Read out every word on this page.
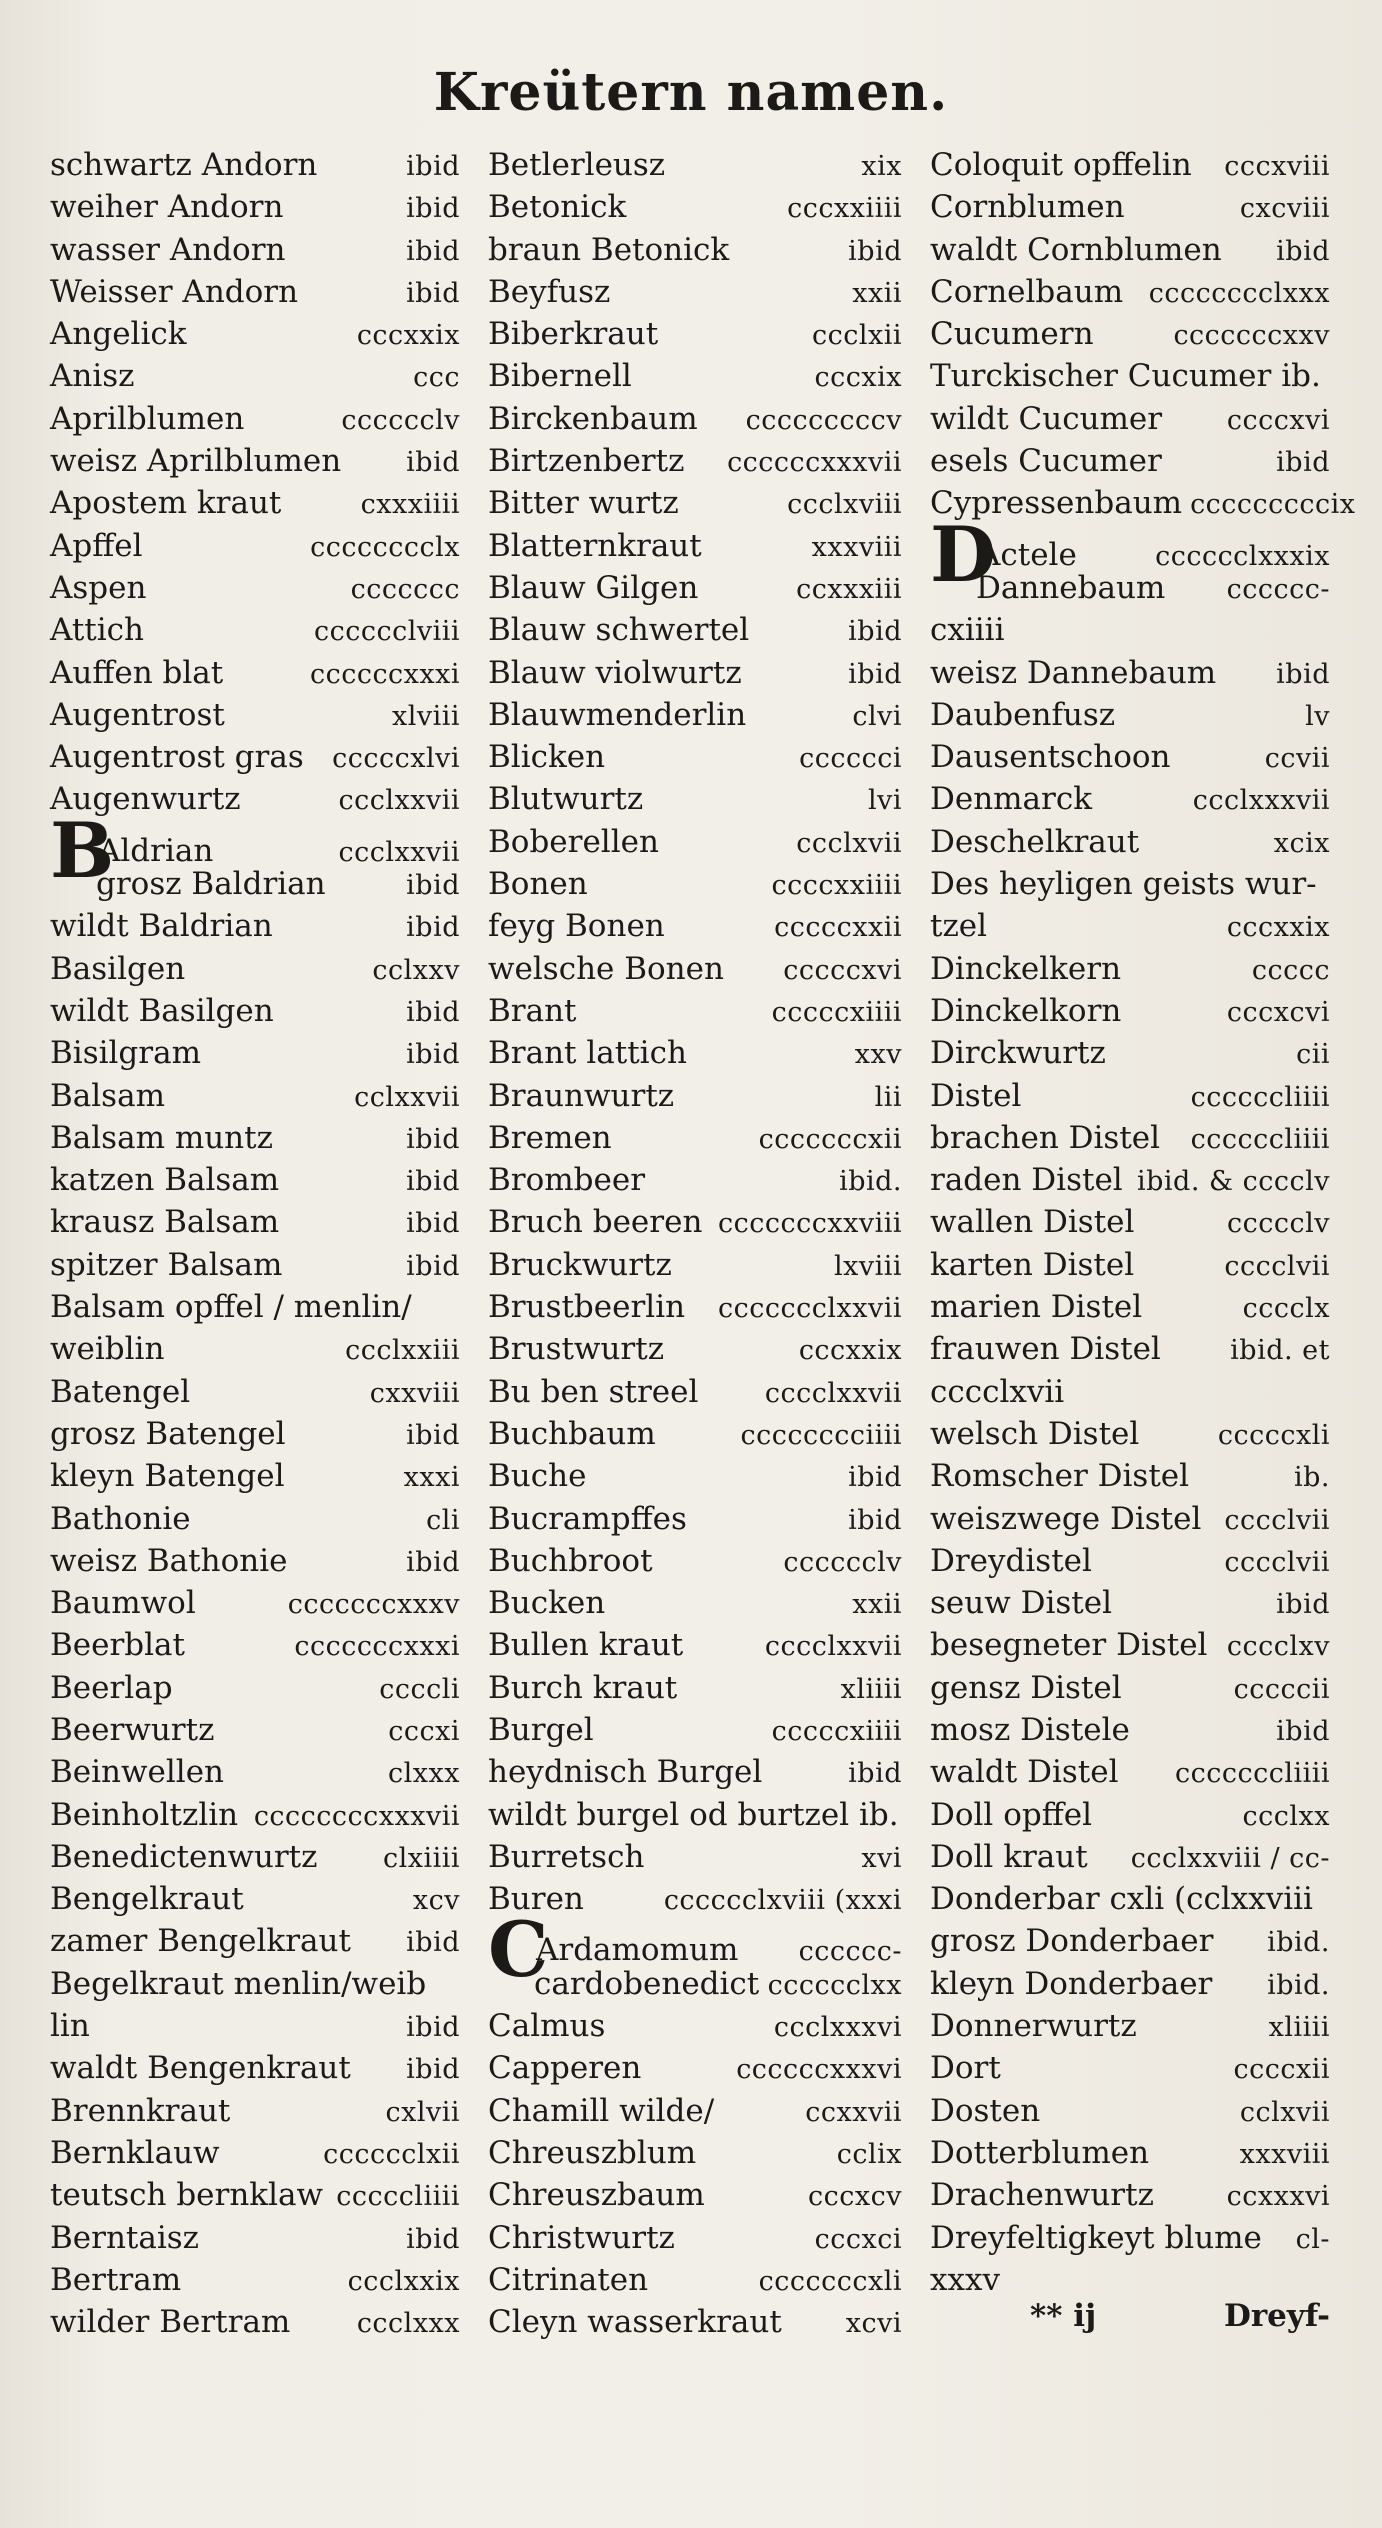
Kreütern namen.
schwartz Andorn	ibid
weiher Andorn	ibid
wasser Andorn	ibid
Weisser Andorn	ibid
Angelick	cccxxix
Anisz	ccc
Aprilblumen	cccccclv
weisz Aprilblumen ibid
Apostem kraut	cxxxiiii
Apffel	cccccccclx
Aspen	ccccccc
Attich	cccccclviii
Auffen blat	ccccccxxxi
Augentrost	xlviii
Augentrost gras cccccxlvi
Augenwurtz	ccclxxvii
BAldrian	ccclxxvii
grosz Baldrian	ibid
wildt Baldrian	ibid
Basilgen	cclxxv
wildt Basilgen	ibid
Bisilgram	ibid
Balsam	cclxxvii
Balsam muntz	ibid
katzen Balsam	ibid
krausz Balsam	ibid
spitzer Balsam	ibid
Balsam opffel / menlin/
weiblin	ccclxxiii
Batengel	cxxviii
grosz Batengel	ibid
kleyn Batengel	xxxi
Bathonie	cli
weisz Bathonie	ibid
Baumwol	cccccccxxxv
Beerblat	cccccccxxxi
Beerlap	ccccli
Beerwurtz	cccxi
Beinwellen	clxxx
Beinholtzlin ccccccccxxxvii
Benedictenwurtz clxiiii
Bengelkraut	xcv
zamer Bengelkraut ibid
Begelkraut menlin/weib
lin	ibid
waldt Bengenkraut ibid
Brennkraut	cxlvii
Bernklauw	cccccclxii
teutsch bernklaw cccccliiii
Berntaisz	ibid
Bertram	ccclxxix
wilder Bertram ccclxxx
Betlerleusz	xix
Betonick	cccxxiiii
braun Betonick	ibid
Beyfusz	xxii
Biberkraut	ccclxii
Bibernell	cccxix
Birckenbaum cccccccccv
Birtzenbertz ccccccxxxvii
Bitter wurtz	ccclxviii
Blatternkraut	xxxviii
Blauw Gilgen	ccxxxiii
Blauw schwertel	ibid
Blauw violwurtz	ibid
Blauwmenderlin	clvi
Blicken	cccccci
Blutwurtz	lvi
Boberellen	ccclxvii
Bonen	ccccxxiiii
feyg Bonen	cccccxxii
welsche Bonen cccccxvi
Brant	cccccxiiii
Brant lattich	xxv
Braunwurtz	lii
Bremen	cccccccxii
Brombeer	ibid.
Bruch beeren cccccccxxviii
Bruckwurtz	lxviii
Brustbeerlin ccccccclxxvii
Brustwurtz	cccxxix
Bu ben streel cccclxxvii
Buchbaum	cccccccciiii
Buche	ibid
Bucrampffes	ibid
Buchbroot	cccccclv
Bucken	xxii
Bullen kraut	cccclxxvii
Burch kraut	xliiii
Burgel	cccccxiiii
heydnisch Burgel	ibid
wildt burgel od burtzel ib.
Burretsch	xvi
Buren	cccccclxviii (xxxi
CArdamomum cccccc-
cardobenedict cccccclxx
Calmus	ccclxxxvi
Capperen	ccccccxxxvi
Chamill wilde/	ccxxvii
Chreuszblum	cclix
Chreuszbaum	cccxcv
Christwurtz	cccxci
Citrinaten	cccccccxli
Cleyn wasserkraut xcvi
Coloquit opffelin cccxviii
Cornblumen	cxcviii
waldt Cornblumen ibid
Cornelbaum cccccccclxxx
Cucumern	cccccccxxv
Turckischer Cucumer ib.
wildt Cucumer ccccxvi
esels Cucumer	ibid
Cypressenbaum cccccccccix
DActele	cccccclxxxix
Dannebaum cccccc-
cxiiii
weisz Dannebaum ibid
Daubenfusz	lv
Dausentschoon	ccvii
Denmarck	ccclxxxvii
Deschelkraut	xcix
Des heyligen geists wur-
tzel	cccxxix
Dinckelkern	ccccc
Dinckelkorn	cccxcvi
Dirckwurtz	cii
Distel	ccccccliiii
brachen Distel ccccccliiii
raden Distel ibid. & cccclv
wallen Distel	ccccclv
karten Distel	cccclvii
marien Distel	cccclx
frauwen Distel	ibid. et
cccclxvii
welsch Distel	cccccxli
Romscher Distel	ib.
weiszwege Distel cccclvii
Dreydistel	cccclvii
seuw Distel	ibid
besegneter Distel cccclxv
gensz Distel	cccccii
mosz Distele	ibid
waldt Distel cccccccliiii
Doll opffel	ccclxx
Doll kraut ccclxxviii / cc-
Donderbar cxli (cclxxviii
grosz Donderbaer ibid.
kleyn Donderbaer ibid.
Donnerwurtz	xliiii
Dort	ccccxii
Dosten	cclxvii
Dotterblumen	xxxviii
Drachenwurtz	ccxxxvi
Dreyfeltigkeyt blume cl-
xxxv
** ij	Dreyf-
